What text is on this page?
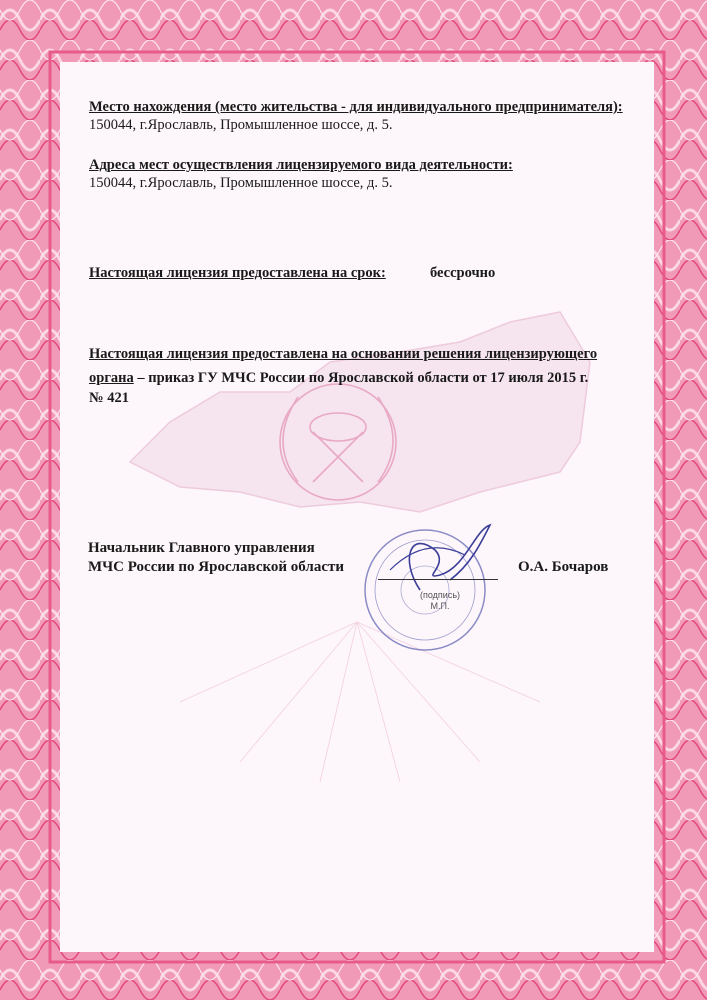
Место нахождения (место жительства - для индивидуального предпринимателя):
150044, г.Ярославль, Промышленное шоссе, д. 5.
Адреса мест осуществления лицензируемого вида деятельности:
150044, г.Ярославль, Промышленное шоссе, д. 5.
Настоящая лицензия предоставлена на срок:	бессрочно
Настоящая лицензия предоставлена на основании решения лицензирующего
органа – приказ ГУ МЧС России по Ярославской области от 17 июля 2015 г.
№ 421
Начальник Главного управления
МЧС России по Ярославской области	О.А. Бочаров
(подпись)
М.П.
